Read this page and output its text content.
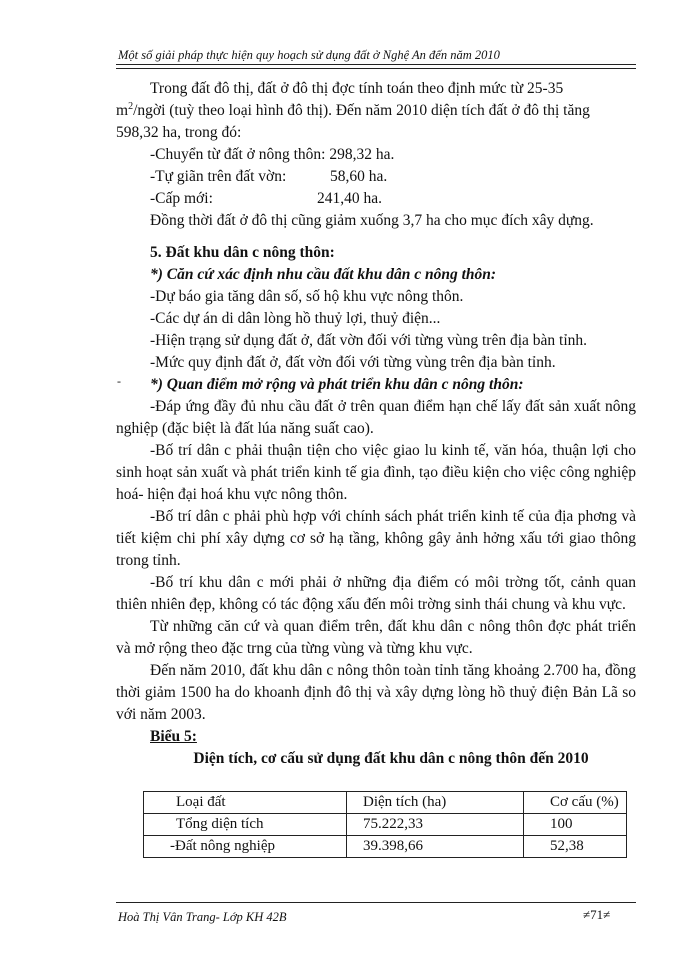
Một số giải pháp thực hiện quy hoạch sử dụng đất ở Nghệ An đến năm 2010

Trong đất đô thị, đất ở đô thị đợc tính toán theo định mức từ 25-35

$m^2$/ngời (tuỳ theo loại hình đô thị). Đến năm 2010 diện tích đất ở đô thị tăng

598,32 ha, trong đó:

-Chuyển từ đất ở nông thôn: 298,32 ha.

-Tự giãn trên đất vờn:	58,60 ha.

-Cấp mới:	241,40 ha.

Đồng thời đất ở đô thị cũng giảm xuống 3,7 ha cho mục đích xây dựng.

5. Đất khu dân c nông thôn:

*) Căn cứ xác định nhu cầu đất khu dân c nông thôn:

-Dự báo gia tăng dân số, số hộ khu vực nông thôn.

-Các dự án di dân lòng hồ thuỷ lợi, thuỷ điện...

-Hiện trạng sử dụng đất ở, đất vờn đối với từng vùng trên địa bàn tỉnh.

-Mức quy định đất ở, đất vờn đối với từng vùng trên địa bàn tỉnh.

*) Quan điểm mở rộng và phát triển khu dân c nông thôn:

-Đáp ứng đầy đủ nhu cầu đất ở trên quan điểm hạn chế lấy đất sản xuất nông nghiệp (đặc biệt là đất lúa năng suất cao).

-Bố trí dân c phải thuận tiện cho việc giao lu kinh tế, văn hóa, thuận lợi cho sinh hoạt sản xuất và phát triển kinh tế gia đình, tạo điều kiện cho việc công nghiệp hoá- hiện đại hoá khu vực nông thôn.

-Bố trí dân c phải phù hợp với chính sách phát triển kinh tế của địa phơng và tiết kiệm chi phí xây dựng cơ sở hạ tầng, không gây ảnh hởng xấu tới giao thông trong tỉnh.

-Bố trí khu dân c mới phải ở những địa điểm có môi trờng tốt, cảnh quan thiên nhiên đẹp, không có tác động xấu đến môi trờng sinh thái chung và khu vực.

Từ những căn cứ và quan điểm trên, đất khu dân c nông thôn đợc phát triển và mở rộng theo đặc trng của từng vùng và từng khu vực.

Đến năm 2010, đất khu dân c nông thôn toàn tỉnh tăng khoảng 2.700 ha, đồng thời giảm 1500 ha do khoanh định đô thị và xây dựng lòng hồ thuỷ điện Bản Lã so với năm 2003.

Biểu 5:

Diện tích, cơ cấu sử dụng đất khu dân c nông thôn đến 2010

-
Loại đất	Diện tích (ha)	Cơ cấu (%)
Tổng diện tích	75.222,33	100
-Đất nông nghiệp	39.398,66	52,38
Hoà Thị Vân Trang- Lớp KH 42B	≠71≠
